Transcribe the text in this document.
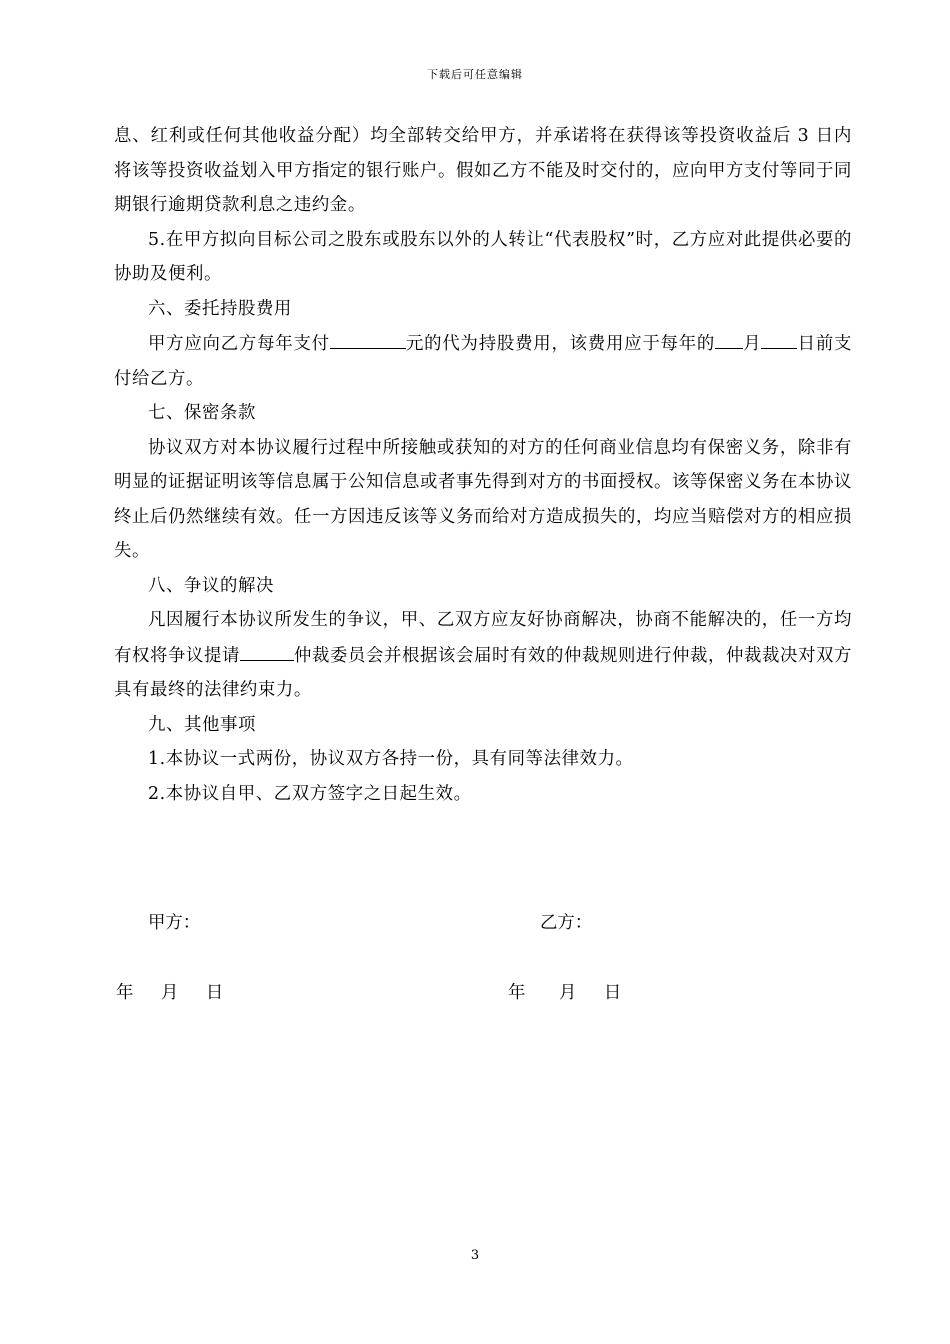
下载后可任意编辑

息、红利或任何其他收益分配）均全部转交给甲方，并承诺将在获得该等投资收益后 3 日内将该等投资收益划入甲方指定的银行账户。假如乙方不能及时交付的，应向甲方支付等同于同期银行逾期贷款利息之违约金。

5.在甲方拟向目标公司之股东或股东以外的人转让“代表股权”时，乙方应对此提供必要的协助及便利。

六、委托持股费用

甲方应向乙方每年支付	元的代为持股费用，该费用应于每年的 月 日前支付给乙方。

七、保密条款

协议双方对本协议履行过程中所接触或获知的对方的任何商业信息均有保密义务，除非有明显的证据证明该等信息属于公知信息或者事先得到对方的书面授权。该等保密义务在本协议终止后仍然继续有效。任一方因违反该等义务而给对方造成损失的，均应当赔偿对方的相应损失。

八、争议的解决

凡因履行本协议所发生的争议，甲、乙双方应友好协商解决，协商不能解决的，任一方均有权将争议提请	仲裁委员会并根据该会届时有效的仲裁规则进行仲裁，仲裁裁决对双方具有最终的法律约束力。

九、其他事项

1.本协议一式两份，协议双方各持一份，具有同等法律效力。

2.本协议自甲、乙双方签字之日起生效。

甲方：	乙方：
年 月 日	年 月 日
3
